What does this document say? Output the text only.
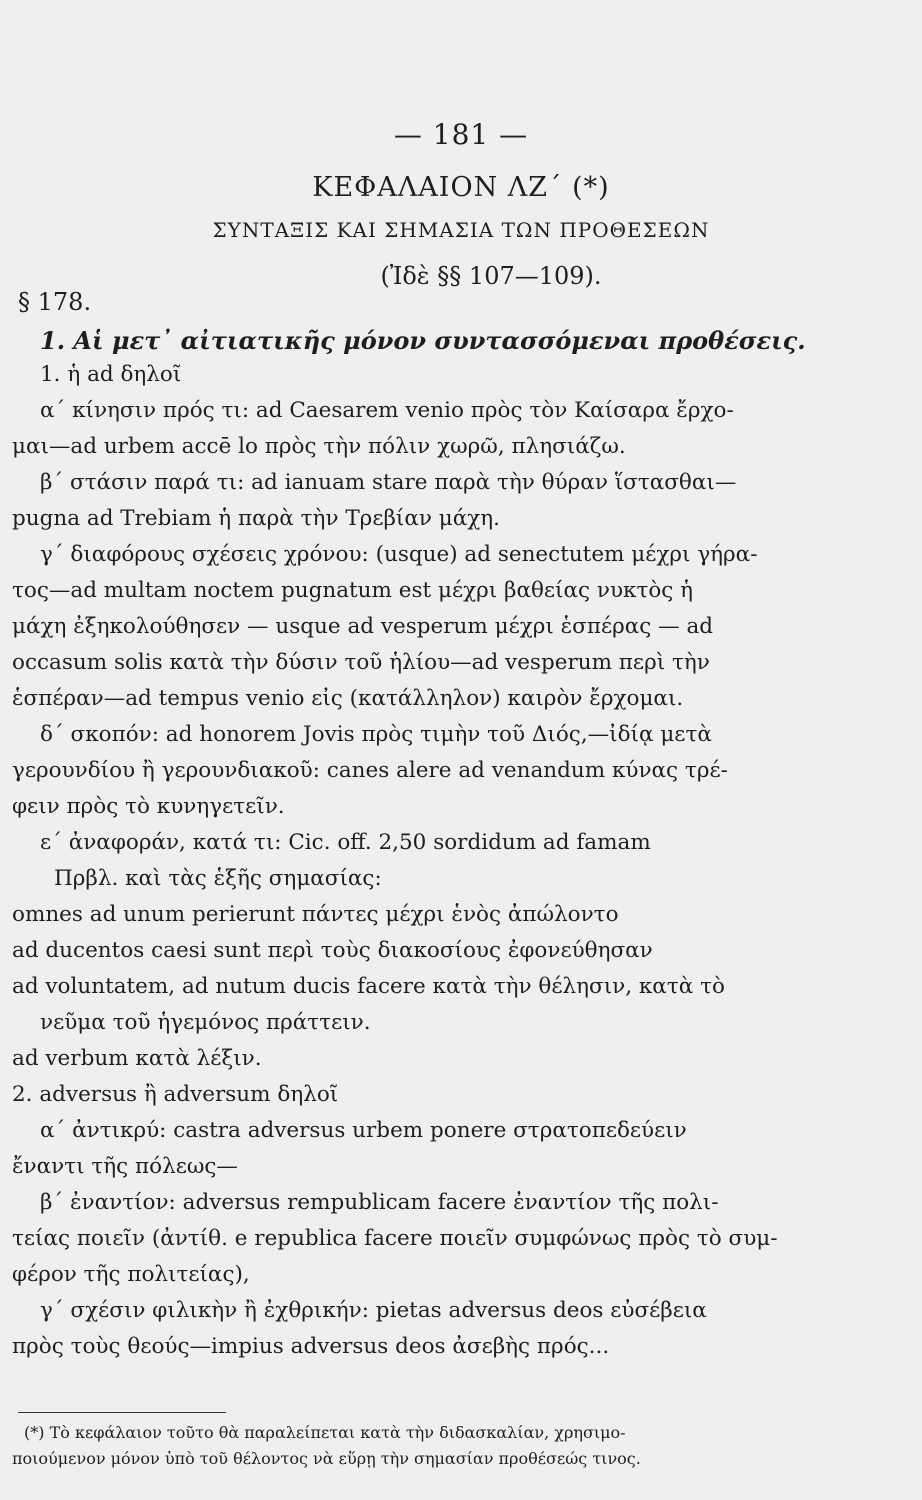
— 181 —
ΚΕΦΑΛΑΙΟΝ ΛΖ΄ (*)
ΣΥΝΤΑΞΙΣ ΚΑΙ ΣΗΜΑΣΙΑ ΤΩΝ ΠΡΟΘΕΣΕΩΝ
(Ἰδὲ §§ 107—109).
§ 178.
1. Αἱ μετ᾽ αἰτιατικῆς μόνον συντασσόμεναι προθέσεις.
1. ἡ ad δηλοῖ
α΄ κίνησιν πρός τι: ad Caesarem venio πρὸς τὸν Καίσαρα ἔρχο-
μαι—ad urbem accē lo πρὸς τὴν πόλιν χωρῶ, πλησιάζω.
β΄ στάσιν παρά τι: ad ianuam stare παρὰ τὴν θύραν ἵστασθαι—
pugna ad Trebiam ἡ παρὰ τὴν Τρεβίαν μάχη.
γ΄ διαφόρους σχέσεις χρόνου: (usque) ad senectutem μέχρι γήρα-
τος—ad multam noctem pugnatum est μέχρι βαθείας νυκτὸς ἡ
μάχη ἐξηκολούθησεν — usque ad vesperum μέχρι ἑσπέρας — ad
occasum solis κατὰ τὴν δύσιν τοῦ ἡλίου—ad vesperum περὶ τὴν
ἑσπέραν—ad tempus venio εἰς (κατάλληλον) καιρὸν ἔρχομαι.
δ΄ σκοπόν: ad honorem Jovis πρὸς τιμὴν τοῦ Διός,—ἰδίᾳ μετὰ
γερουνδίου ἢ γερουνδιακοῦ: canes alere ad venandum κύνας τρέ-
φειν πρὸς τὸ κυνηγετεῖν.
ε΄ ἀναφοράν, κατά τι: Cic. off. 2,50 sordidum ad famam
Πρβλ. καὶ τὰς ἑξῆς σημασίας:
omnes ad unum perierunt πάντες μέχρι ἑνὸς ἀπώλοντο
ad ducentos caesi sunt περὶ τοὺς διακοσίους ἐφονεύθησαν
ad voluntatem, ad nutum ducis facere κατὰ τὴν θέλησιν, κατὰ τὸ
νεῦμα τοῦ ἡγεμόνος πράττειν.
ad verbum κατὰ λέξιν.
2. adversus ἢ adversum δηλοῖ
α΄ ἀντικρύ: castra adversus urbem ponere στρατοπεδεύειν
ἔναντι τῆς πόλεως—
β΄ ἐναντίον: adversus rempublicam facere ἐναντίον τῆς πολι-
τείας ποιεῖν (ἀντίθ. e republica facere ποιεῖν συμφώνως πρὸς τὸ συμ-
φέρον τῆς πολιτείας),
γ΄ σχέσιν φιλικὴν ἢ ἐχθρικήν: pietas adversus deos εὐσέβεια
πρὸς τοὺς θεούς—impius adversus deos ἀσεβὴς πρός...
(*) Τὸ κεφάλαιον τοῦτο θὰ παραλείπεται κατὰ τὴν διδασκαλίαν, χρησιμο-
ποιούμενον μόνον ὑπὸ τοῦ θέλοντος νὰ εὕρῃ τὴν σημασίαν προθέσεώς τινος.
